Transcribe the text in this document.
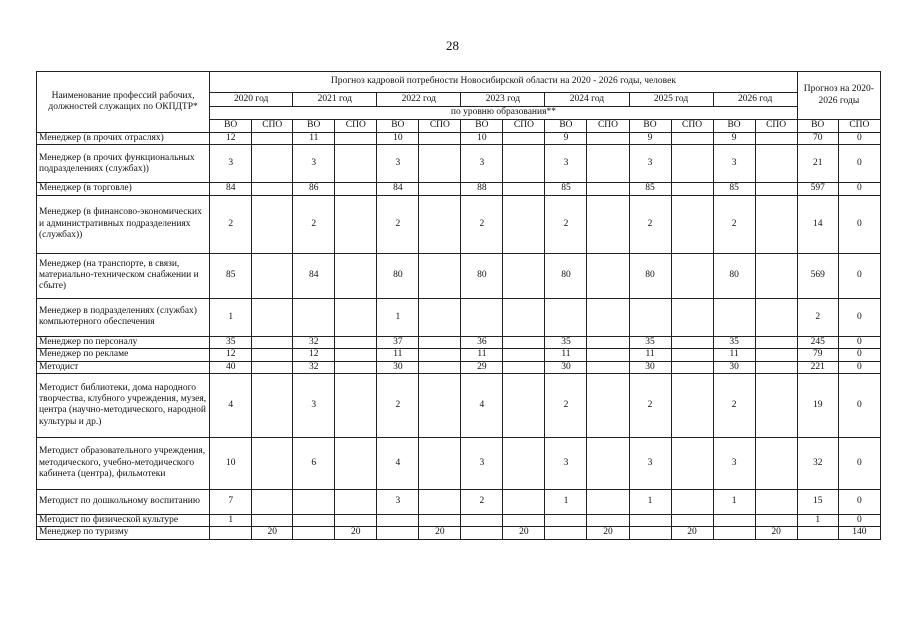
28
Наименование профессий рабочих, должностей служащих по ОКПДТР*	Прогноз кадровой потребности Новосибирской области на 2020 - 2026 годы, человек														Прогноз на 2020-2026 годы	
	2020 год		2021 год		2022 год		2023 год		2024 год		2025 год		2026 год			
	по уровню образования**															
	ВО	СПО	ВО	СПО	ВО	СПО	ВО	СПО	ВО	СПО	ВО	СПО	ВО	СПО	ВО	СПО
Менеджер (в прочих отраслях)	12		11		10		10		9		9		9		70	0
Менеджер (в прочих функциональных подразделениях (службах))	3		3		3		3		3		3		3		21	0
Менеджер (в торговле)	84		86		84		88		85		85		85		597	0
Менеджер (в финансово-экономических и административных подразделениях (службах))	2		2		2		2		2		2		2		14	0
Менеджер (на транспорте, в связи, материально-техническом снабжении и сбыте)	85		84		80		80		80		80		80		569	0
Менеджер в подразделениях (службах) компьютерного обеспечения	1				1										2	0
Менеджер по персоналу	35		32		37		36		35		35		35		245	0
Менеджер по рекламе	12		12		11		11		11		11		11		79	0
Методист	40		32		30		29		30		30		30		221	0
Методист библиотеки, дома народного творчества, клубного учреждения, музея, центра (научно-методического, народной культуры и др.)	4		3		2		4		2		2		2		19	0
Методист образовательного учреждения, методического, учебно-методического кабинета (центра), фильмотеки	10		6		4		3		3		3		3		32	0
Методист по дошкольному воспитанию	7				3		2		1		1		1		15	0
Методист по физической культуре	1														1	0
Менеджер по туризму		20		20		20		20		20		20		20		140
